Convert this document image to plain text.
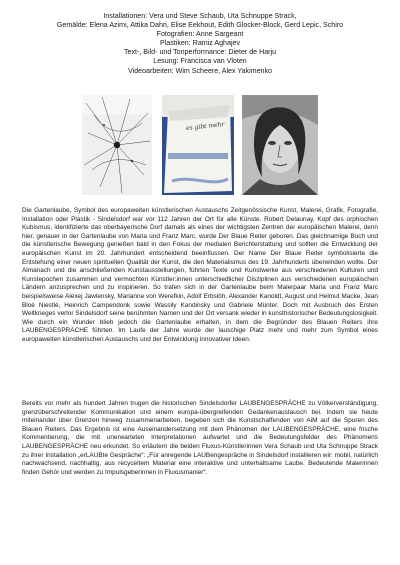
Installationen: Vera und Steve Schaub, Uta Schnuppe Strack,
Gemälde: Elena Azimi, Attika Dahri, Elise Eekhout, Edith Glocker-Block, Gerd Lepic, Schiro
Fotografien: Anne Sargeant
Plastiken: Ramiz Aghajev
Text-, Bild- und Tonperformance: Dieter de Harju
Lesung: Francisca van Vloten
Videoarbeiten: Wim Scheere, Alex Yakimenko
es gibt mehr
Die Gartenlaube, Symbol des europaweiten künstlerischen Austauschs Zeitgenössische Kunst, Malerei, Grafik, Fotografie, Installation oder Plastik - Sindelsdorf war vor 112 Jahren der Ort für alle Künste. Robert Delaunay, Kopf des orphischen Kubismus, identifizierte das oberbayerische Dorf damals als eines der wichtigsten Zentren der europäischen Malerei, denn hier, genauer in der Gartenlaube von Maria und Franz Marc, wurde Der Blaue Reiter geboren. Das gleichnamige Buch und die künstlerische Bewegung genießen bald in den Fokus der medialen Berichterstattung und sollten die Entwicklung der europäischen Kunst im 20. Jahrhundert entscheidend beeinflussen. Der Name Der Blaue Reiter symbolisierte die Entstehung einer neuen spirituellen Qualität der Kunst, die den Materialismus des 19. Jahrhunderts überwinden wollte. Der Almanach und die anschließenden Kunstausstellungen, führten Texte und Kunstwerke aus verschiedenen Kulturen und Kunstepochen zusammen und vermochten Künstler:innen unterschiedlicher Disziplinen aus verschiedenen europäischen Ländern anzusprechen und zu inspirieren. So trafen sich in der Gartenlaube beim Malerpaar Maria und Franz Marc beispielsweise Alexej Jawlensky, Marianne von Werefkin, Adolf Erbslöh, Alexander Kanoldt, August und Helmut Macke, Jean Bloé Niestlé, Heinrich Campendonk sowie Wassily Kandinsky und Gabriele Münter. Doch mit Ausbruch des Ersten Weltkrieges verlor Sindelsdorf seine berühmten Namen und der Ort versank wieder in kunsthistorischer Bedeutungslosigkeit. Wie durch ein Wunder blieb jedoch die Gartenlaube erhalten, in dem die Begründer des Blauen Reiters ihre LAUBENGESPRÄCHE führten. Im Laufe der Jahre wurde der lauschige Platz mehr und mehr zum Symbol eines europaweiten künstlerischen Austauschs und der Entwicklung innovativer Ideen.
Bereits vor mehr als hundert Jahren trugen die historischen Sindelsdorfer LAUBENGESPRÄCHE zu Völkerverständigung, grenzüberschreitender Kommunikation und einem europa-übergreifenden Gedankenaustausch bei. Indem sie heute miteinander über Grenzen hinweg zusammenarbeiten, begeben sich die Kunstschaffenden von AiM auf die Spuren des Blauen Reiters. Das Ergebnis ist eine Auseinandersetzung mit dem Phänomen der LAUBENGESPRÄCHE, eine frische Kommentierung, die mit unerwarteten Interpretationen aufwartet und die Bedeutungsfelder des Phänomens LAUBENGESPRÄCHE neu erkundet. So erläutern die beiden Fluxus-Künstlerinnen Vera Schaub und Uta Schnuppe Strack zu ihrer Installation „erLAUBte Gespräche“: „Für anregende LAUBengespräche in Sindelsdorf installieren wir: mobil, natürlich nachwachsend, nachhaltig, aus recyceltem Material eine interaktive und unterhaltsame Laube. Bedeutende Malerinnen finden Gehör und werden zu Impulsgeberinnen in Fluxusmanier“.
